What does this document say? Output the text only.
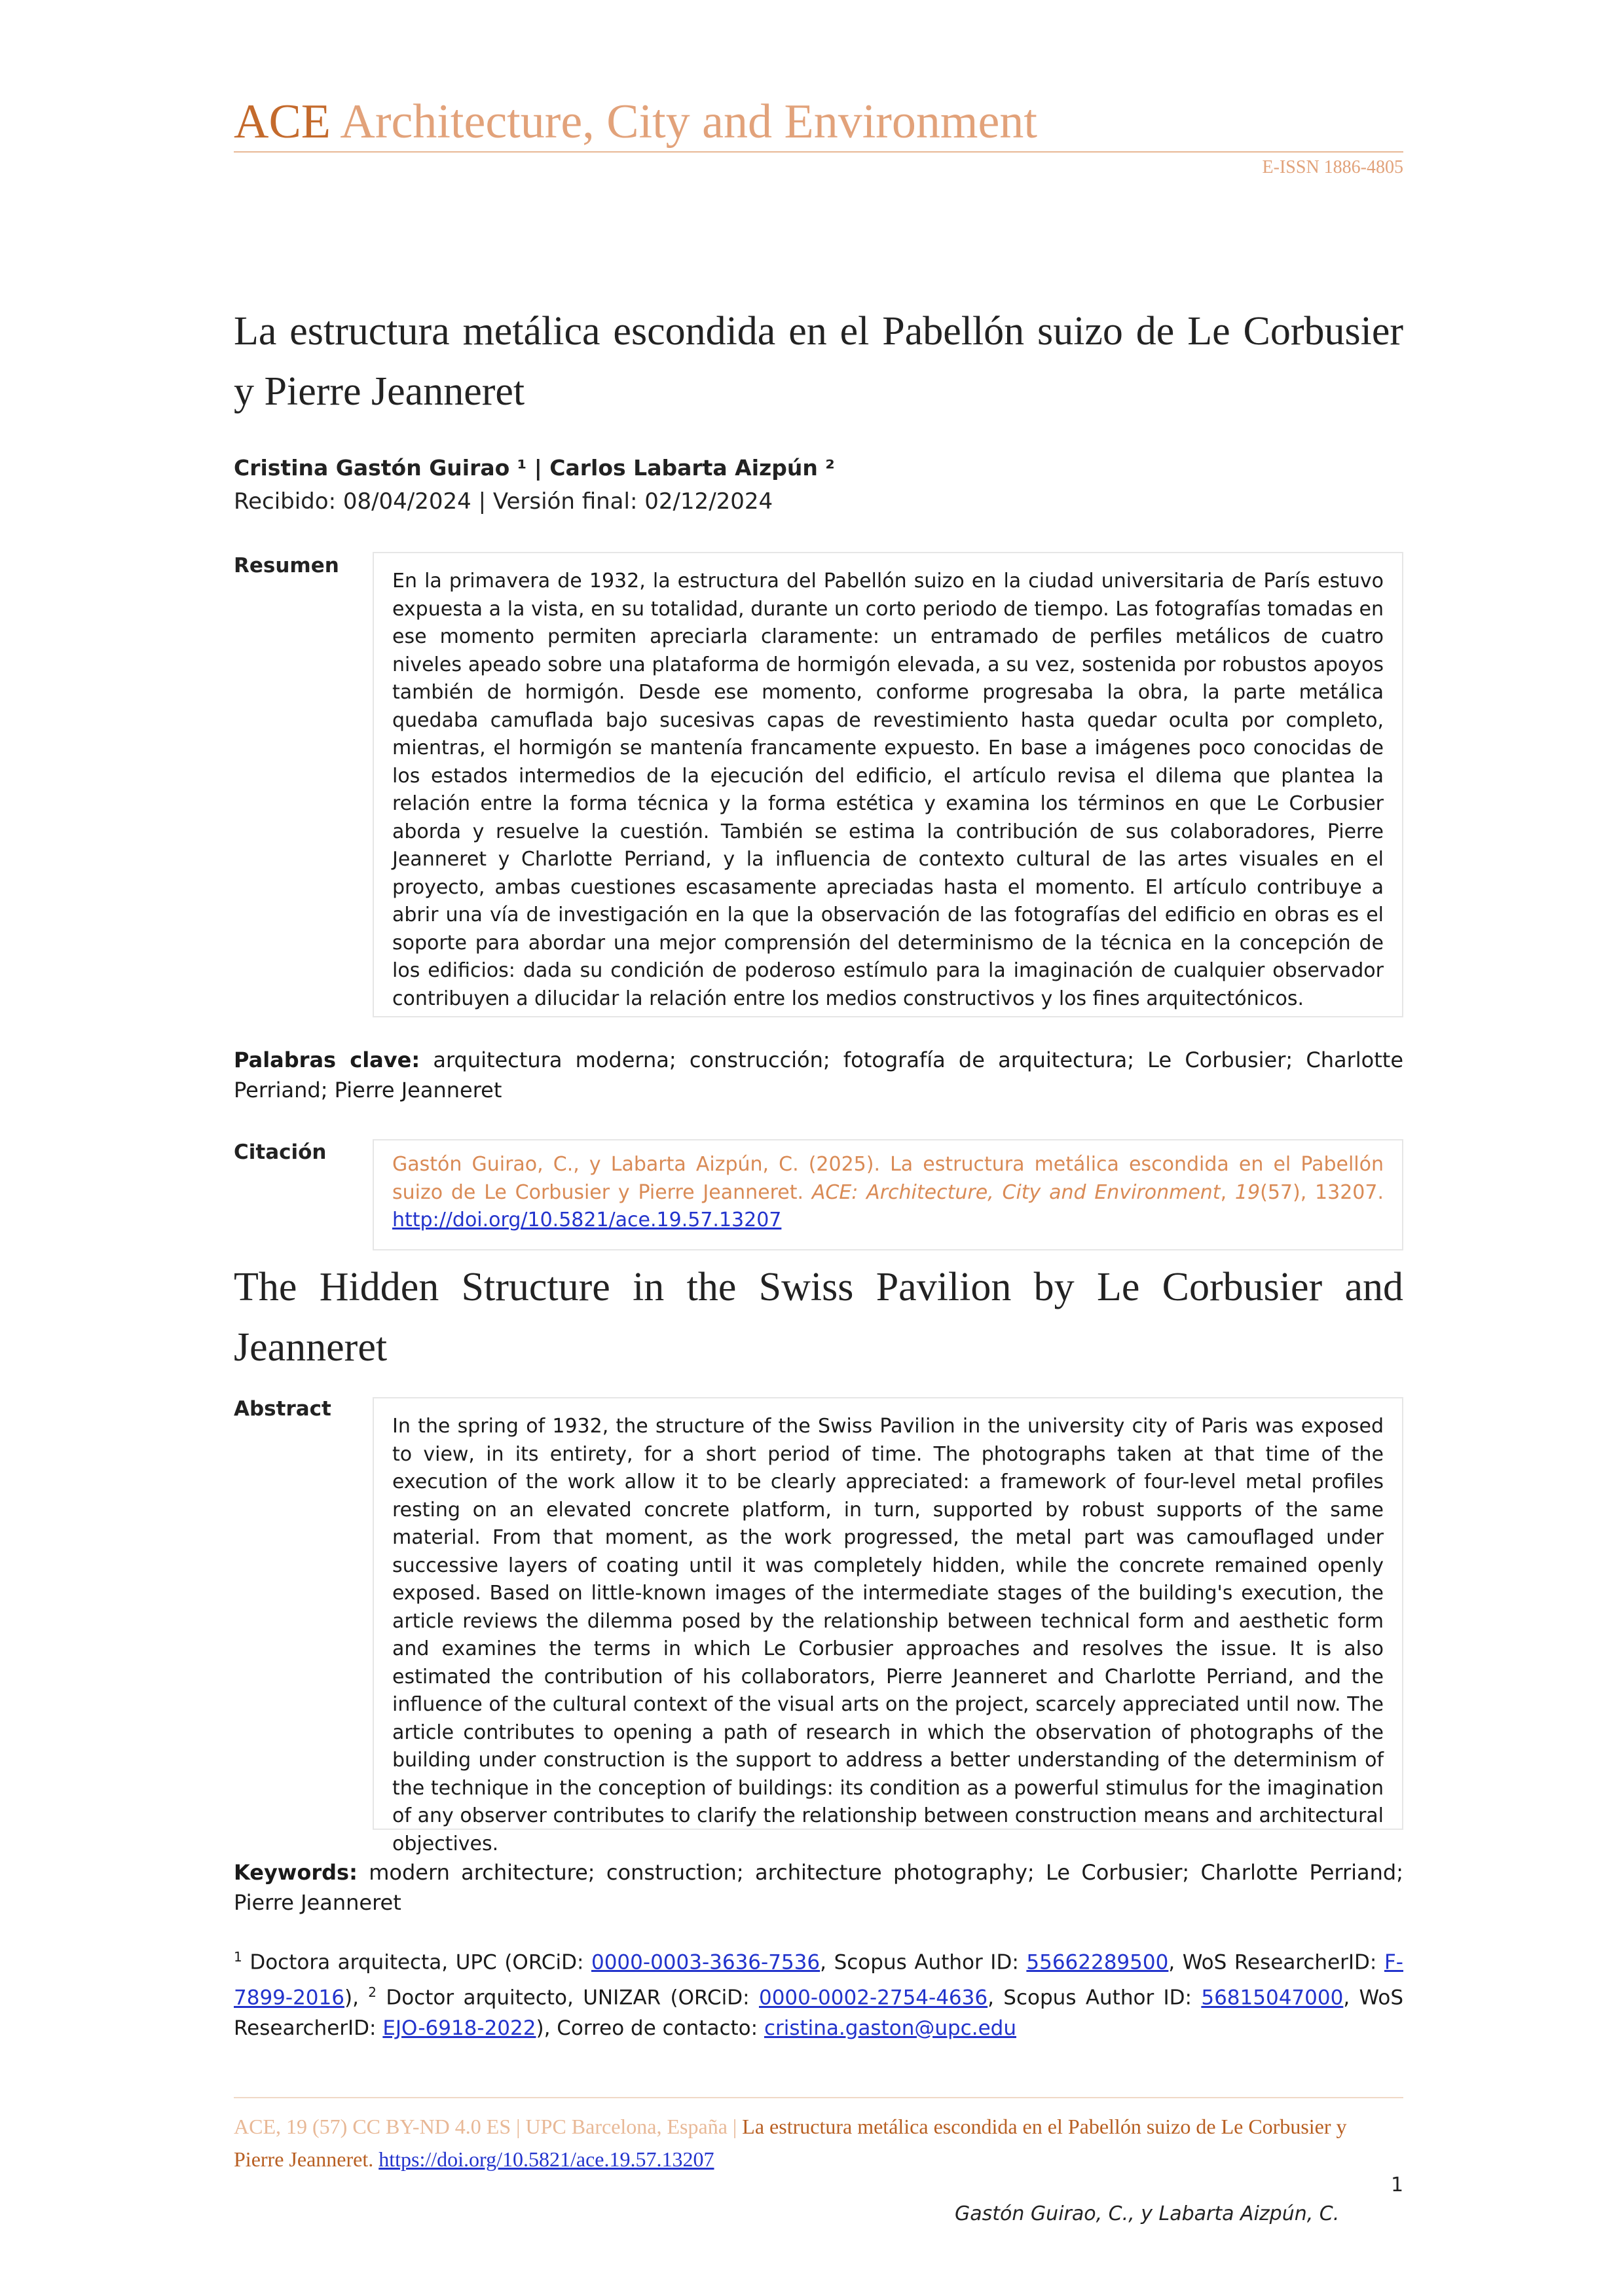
ACE Architecture, City and Environment
E-ISSN 1886-4805
La estructura metálica escondida en el Pabellón suizo de Le Corbusier y Pierre Jeanneret
Cristina Gastón Guirao ¹ | Carlos Labarta Aizpún ²
Recibido: 08/04/2024 | Versión final: 02/12/2024
Resumen

En la primavera de 1932, la estructura del Pabellón suizo en la ciudad universitaria de París estuvo expuesta a la vista, en su totalidad, durante un corto periodo de tiempo. Las fotografías tomadas en ese momento permiten apreciarla claramente: un entramado de perfiles metálicos de cuatro niveles apeado sobre una plataforma de hormigón elevada, a su vez, sostenida por robustos apoyos también de hormigón. Desde ese momento, conforme progresaba la obra, la parte metálica quedaba camuflada bajo sucesivas capas de revestimiento hasta quedar oculta por completo, mientras, el hormigón se mantenía francamente expuesto. En base a imágenes poco conocidas de los estados intermedios de la ejecución del edificio, el artículo revisa el dilema que plantea la relación entre la forma técnica y la forma estética y examina los términos en que Le Corbusier aborda y resuelve la cuestión. También se estima la contribución de sus colaboradores, Pierre Jeanneret y Charlotte Perriand, y la influencia de contexto cultural de las artes visuales en el proyecto, ambas cuestiones escasamente apreciadas hasta el momento. El artículo contribuye a abrir una vía de investigación en la que la observación de las fotografías del edificio en obras es el soporte para abordar una mejor comprensión del determinismo de la técnica en la concepción de los edificios: dada su condición de poderoso estímulo para la imaginación de cualquier observador contribuyen a dilucidar la relación entre los medios constructivos y los fines arquitectónicos.

Palabras clave: arquitectura moderna; construcción; fotografía de arquitectura; Le Corbusier; Charlotte Perriand; Pierre Jeanneret
Citación

Gastón Guirao, C., y Labarta Aizpún, C. (2025). La estructura metálica escondida en el Pabellón suizo de Le Corbusier y Pierre Jeanneret. ACE: Architecture, City and Environment, 19(57), 13207. http://doi.org/10.5821/ace.19.57.13207

The Hidden Structure in the Swiss Pavilion by Le Corbusier and Jeanneret
Abstract

In the spring of 1932, the structure of the Swiss Pavilion in the university city of Paris was exposed to view, in its entirety, for a short period of time. The photographs taken at that time of the execution of the work allow it to be clearly appreciated: a framework of four-level metal profiles resting on an elevated concrete platform, in turn, supported by robust supports of the same material. From that moment, as the work progressed, the metal part was camouflaged under successive layers of coating until it was completely hidden, while the concrete remained openly exposed. Based on little-known images of the intermediate stages of the building's execution, the article reviews the dilemma posed by the relationship between technical form and aesthetic form and examines the terms in which Le Corbusier approaches and resolves the issue. It is also estimated the contribution of his collaborators, Pierre Jeanneret and Charlotte Perriand, and the influence of the cultural context of the visual arts on the project, scarcely appreciated until now. The article contributes to opening a path of research in which the observation of photographs of the building under construction is the support to address a better understanding of the determinism of the technique in the conception of buildings: its condition as a powerful stimulus for the imagination of any observer contributes to clarify the relationship between construction means and architectural objectives.

Keywords: modern architecture; construction; architecture photography; Le Corbusier; Charlotte Perriand; Pierre Jeanneret
$^1$ Doctora arquitecta, UPC (ORCiD: 0000-0003-3636-7536, Scopus Author ID: 55662289500, WoS ResearcherID: F-7899-2016), $^2$ Doctor arquitecto, UNIZAR (ORCiD: 0000-0002-2754-4636, Scopus Author ID: 56815047000, WoS ResearcherID: EJO-6918-2022), Correo de contacto: cristina.gaston@upc.edu
ACE, 19 (57) CC BY-ND 4.0 ES | UPC Barcelona, España | La estructura metálica escondida en el Pabellón suizo de Le Corbusier y Pierre Jeanneret. https://doi.org/10.5821/ace.19.57.13207
1
Gastón Guirao, C., y Labarta Aizpún, C.
